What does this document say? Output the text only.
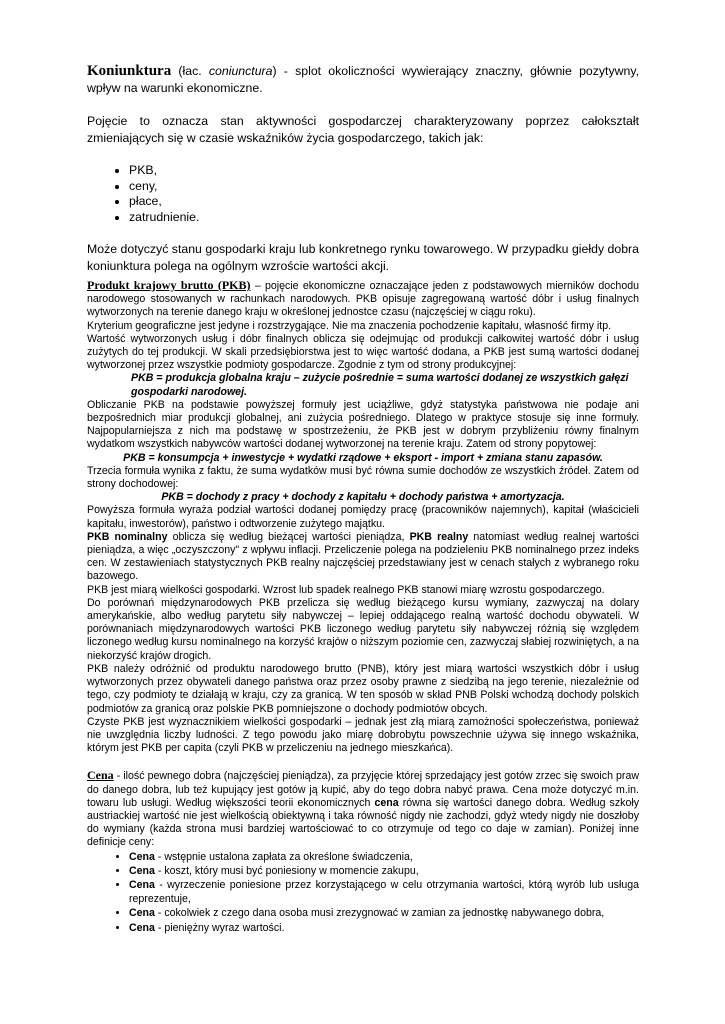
Koniunktura (łac. coniunctura) - splot okoliczności wywierający znaczny, głównie pozytywny, wpływ na warunki ekonomiczne.

Pojęcie to oznacza stan aktywności gospodarczej charakteryzowany poprzez całokształt zmieniających się w czasie wskaźników życia gospodarczego, takich jak:

• PKB,
• ceny,
• płace,
• zatrudnienie.

Może dotyczyć stanu gospodarki kraju lub konkretnego rynku towarowego. W przypadku giełdy dobra koniunktura polega na ogólnym wzroście wartości akcji.

Produkt krajowy brutto (PKB) – pojęcie ekonomiczne oznaczające jeden z podstawowych mierników dochodu narodowego stosowanych w rachunkach narodowych. PKB opisuje zagregowaną wartość dóbr i usług finalnych wytworzonych na terenie danego kraju w określonej jednostce czasu (najczęściej w ciągu roku).

Kryterium geograficzne jest jedyne i rozstrzygające. Nie ma znaczenia pochodzenie kapitału, własność firmy itp.

Wartość wytworzonych usług i dóbr finalnych oblicza się odejmując od produkcji całkowitej wartość dóbr i usług zużytych do tej produkcji. W skali przedsiębiorstwa jest to więc wartość dodana, a PKB jest sumą wartości dodanej wytworzonej przez wszystkie podmioty gospodarcze. Zgodnie z tym od strony produkcyjnej:

PKB = produkcja globalna kraju – zużycie pośrednie = suma wartości dodanej ze wszystkich gałęzi gospodarki narodowej.

Obliczanie PKB na podstawie powyższej formuły jest uciążliwe, gdyż statystyka państwowa nie podaje ani bezpośrednich miar produkcji globalnej, ani zużycia pośredniego. Dlatego w praktyce stosuje się inne formuły. Najpopularniejsza z nich ma podstawę w spostrzeżeniu, że PKB jest w dobrym przybliżeniu równy finalnym wydatkom wszystkich nabywców wartości dodanej wytworzonej na terenie kraju. Zatem od strony popytowej:

PKB = konsumpcja + inwestycje + wydatki rządowe + eksport - import + zmiana stanu zapasów.

Trzecia formuła wynika z faktu, że suma wydatków musi być równa sumie dochodów ze wszystkich źródeł. Zatem od strony dochodowej:

PKB = dochody z pracy + dochody z kapitału + dochody państwa + amortyzacja.

Powyższa formuła wyraża podział wartości dodanej pomiędzy pracę (pracowników najemnych), kapitał (właścicieli kapitału, inwestorów), państwo i odtworzenie zużytego majątku.

PKB nominalny oblicza się według bieżącej wartości pieniądza, PKB realny natomiast według realnej wartości pieniądza, a więc „oczyszczony" z wpływu inflacji. Przeliczenie polega na podzieleniu PKB nominalnego przez indeks cen. W zestawieniach statystycznych PKB realny najczęściej przedstawiany jest w cenach stałych z wybranego roku bazowego.

PKB jest miarą wielkości gospodarki. Wzrost lub spadek realnego PKB stanowi miarę wzrostu gospodarczego.

Do porównań międzynarodowych PKB przelicza się według bieżącego kursu wymiany, zazwyczaj na dolary amerykańskie, albo według parytetu siły nabywczej – lepiej oddającego realną wartość dochodu obywateli. W porównaniach międzynarodowych wartości PKB liczonego według parytetu siły nabywczej różnią się względem liczonego według kursu nominalnego na korzyść krajów o niższym poziomie cen, zazwyczaj słabiej rozwiniętych, a na niekorzyść krajów drogich.

PKB należy odróżnić od produktu narodowego brutto (PNB), który jest miarą wartości wszystkich dóbr i usług wytworzonych przez obywateli danego państwa oraz przez osoby prawne z siedzibą na jego terenie, niezależnie od tego, czy podmioty te działają w kraju, czy za granicą. W ten sposób w skład PNB Polski wchodzą dochody polskich podmiotów za granicą oraz polskie PKB pomniejszone o dochody podmiotów obcych.

Czyste PKB jest wyznacznikiem wielkości gospodarki – jednak jest złą miarą zamożności społeczeństwa, ponieważ nie uwzględnia liczby ludności. Z tego powodu jako miarę dobrobytu powszechnie używa się innego wskaźnika, którym jest PKB per capita (czyli PKB w przeliczeniu na jednego mieszkańca).

Cena - ilość pewnego dobra (najczęściej pieniądza), za przyjęcie której sprzedający jest gotów zrzec się swoich praw do danego dobra, lub też kupujący jest gotów ją kupić, aby do tego dobra nabyć prawa. Cena może dotyczyć m.in. towaru lub usługi. Według większości teorii ekonomicznych cena równa się wartości danego dobra. Według szkoły austriackiej wartość nie jest wielkością obiektywną i taka równość nigdy nie zachodzi, gdyż wtedy nigdy nie doszłoby do wymiany (każda strona musi bardziej wartościować to co otrzymuje od tego co daje w zamian). Poniżej inne definicje ceny:

• Cena - wstępnie ustalona zapłata za określone świadczenia,
• Cena - koszt, który musi być poniesiony w momencie zakupu,
• Cena - wyrzeczenie poniesione przez korzystającego w celu otrzymania wartości, którą wyrób lub usługa reprezentuje,
• Cena - cokolwiek z czego dana osoba musi zrezygnować w zamian za jednostkę nabywanego dobra,
• Cena - pieniężny wyraz wartości.
